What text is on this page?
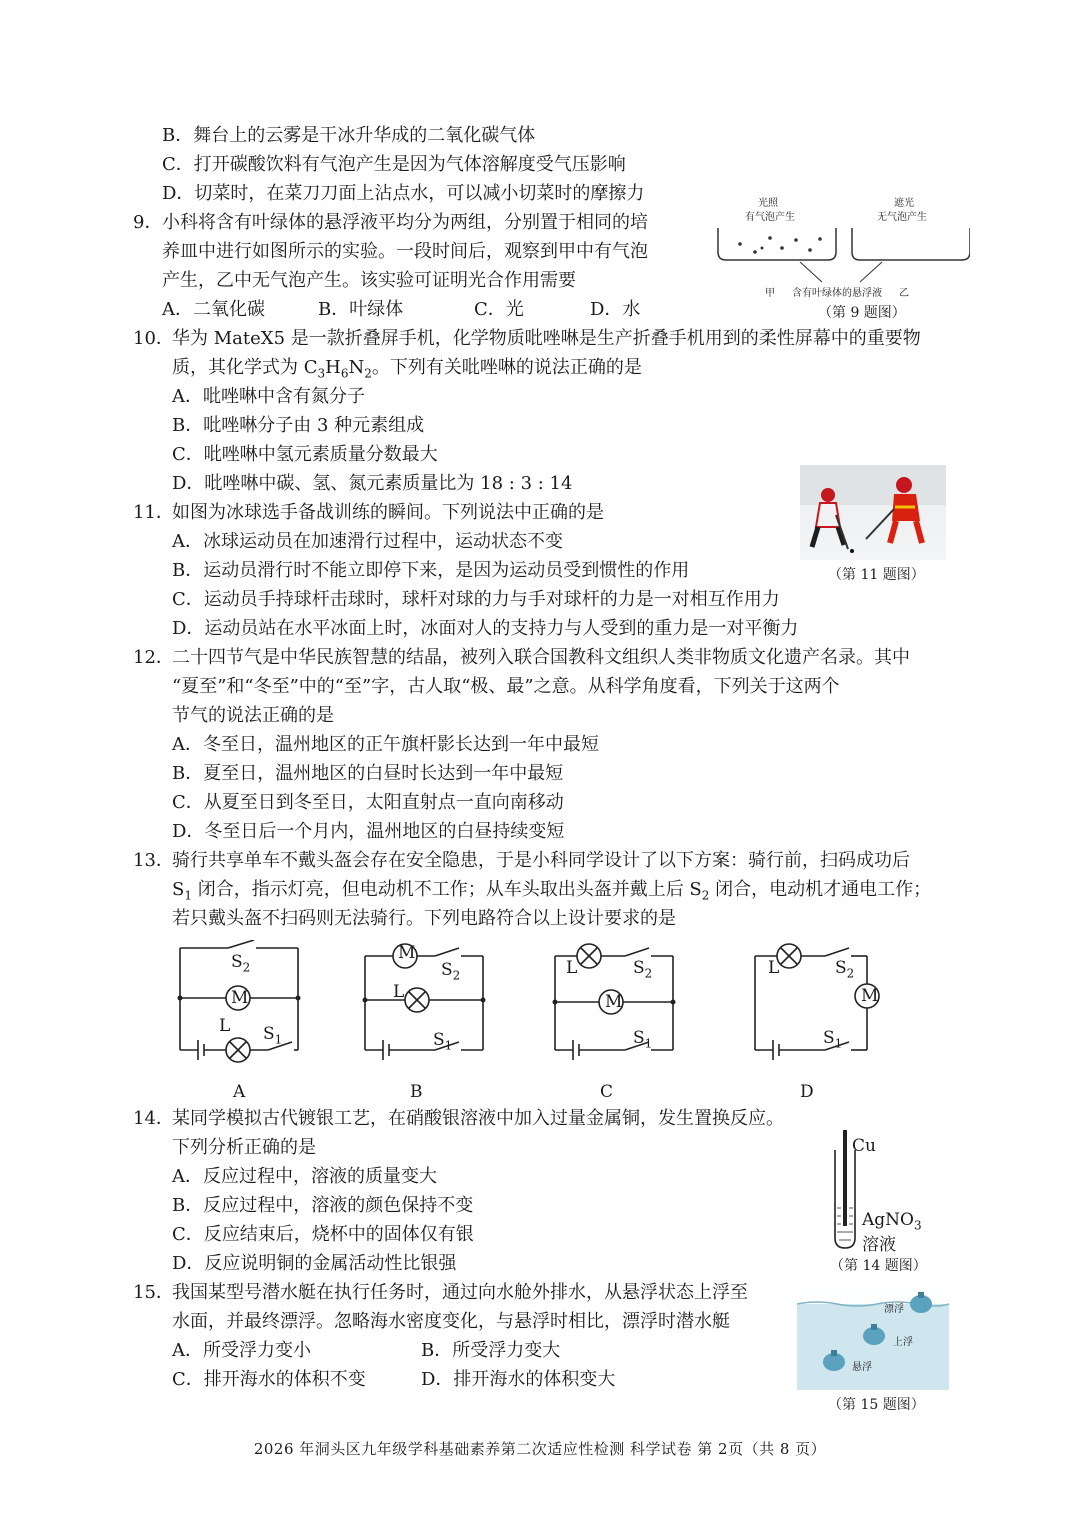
B．舞台上的云雾是干冰升华成的二氧化碳气体
C．打开碳酸饮料有气泡产生是因为气体溶解度受气压影响
D．切菜时，在菜刀刀面上沾点水，可以减小切菜时的摩擦力
9． 小科将含有叶绿体的悬浮液平均分为两组，分别置于相同的培
养皿中进行如图所示的实验。一段时间后，观察到甲中有气泡
产生，乙中无气泡产生。该实验可证明光合作用需要
A．二氧化碳	B．叶绿体	C．光	D．水
光照
有气泡产生
遮光
无气泡产生
甲 含有叶绿体的悬浮液 乙
（第 9 题图）
10．
华为 MateX5 是一款折叠屏手机，化学物质吡唑啉是生产折叠手机用到的柔性屏幕中的重要物
质，其化学式为 $C_3H_6N_2$。下列有关吡唑啉的说法正确的是
A．吡唑啉中含有氮分子
B．吡唑啉分子由 3 种元素组成
C．吡唑啉中氢元素质量分数最大
D．吡唑啉中碳、氢、氮元素质量比为 18 : 3 : 14
（第 11 题图）
11．
如图为冰球选手备战训练的瞬间。下列说法中正确的是
A．冰球运动员在加速滑行过程中，运动状态不变
B．运动员滑行时不能立即停下来，是因为运动员受到惯性的作用
C．运动员手持球杆击球时，球杆对球的力与手对球杆的力是一对相互作用力
D．运动员站在水平冰面上时，冰面对人的支持力与人受到的重力是一对平衡力
12．
二十四节气是中华民族智慧的结晶，被列入联合国教科文组织人类非物质文化遗产名录。其中
“夏至”和“冬至”中的“至”字，古人取“极、最”之意。从科学角度看，下列关于这两个
节气的说法正确的是
A．冬至日，温州地区的正午旗杆影长达到一年中最短
B．夏至日，温州地区的白昼时长达到一年中最短
C．从夏至日到冬至日，太阳直射点一直向南移动
D．冬至日后一个月内，温州地区的白昼持续变短
13．
骑行共享单车不戴头盔会存在安全隐患，于是小科同学设计了以下方案：骑行前，扫码成功后
$S_1$ 闭合，指示灯亮，但电动机不工作；从车头取出头盔并戴上后 $S_2$ 闭合，电动机才通电工作；
若只戴头盔不扫码则无法骑行。下列电路符合以上设计要求的是
$S_2$
M
L $S_1$
A
M
$S_2$
L
$S_1$
B
L	$S_2$
M
$S_1$
C
L	$S_2$
M
$S_1$
D
14．
某同学模拟古代镀银工艺，在硝酸银溶液中加入过量金属铜，发生置换反应。
下列分析正确的是
A．反应过程中，溶液的质量变大
B．反应过程中，溶液的颜色保持不变
C．反应结束后，烧杯中的固体仅有银
D．反应说明铜的金属活动性比银强
Cu
AgNO$_3$
溶液
（第 14 题图）
15．
我国某型号潜水艇在执行任务时，通过向水舱外排水，从悬浮状态上浮至
水面，并最终漂浮。忽略海水密度变化，与悬浮时相比，漂浮时潜水艇
A．所受浮力变小	B．所受浮力变大
C．排开海水的体积不变	D．排开海水的体积变大
漂浮
上浮
悬浮
（第 15 题图）
2026 年洞头区九年级学科基础素养第二次适应性检测 科学试卷 第 2页（共 8 页）
